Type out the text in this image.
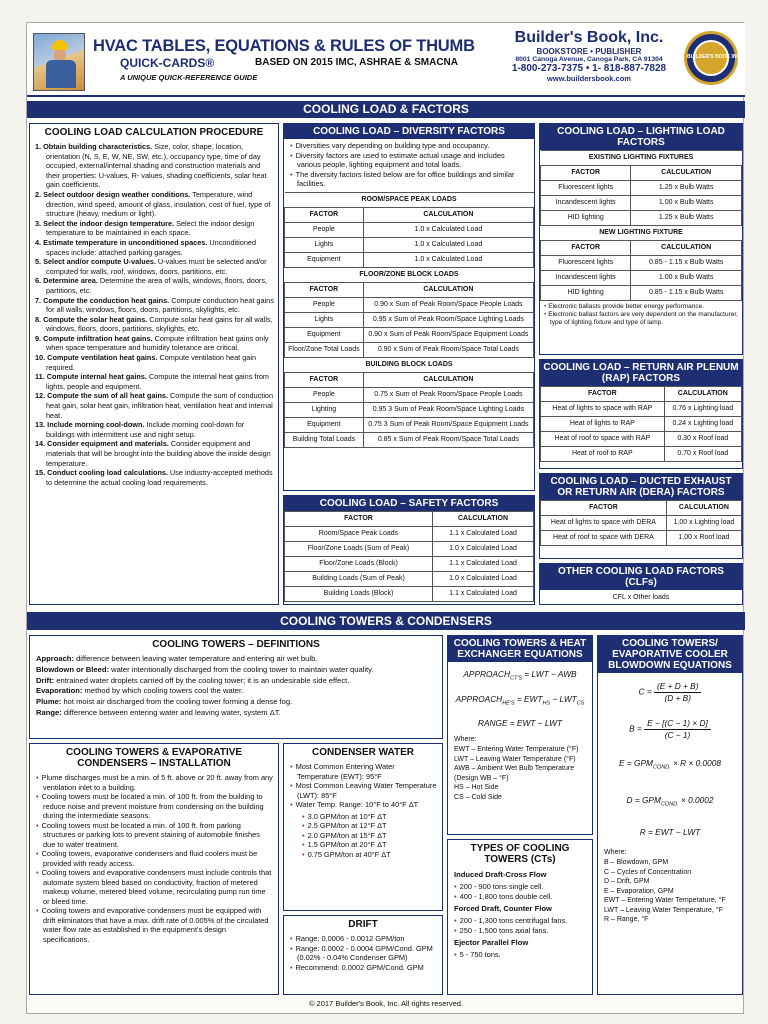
HVAC TABLES, EQUATIONS & RULES OF THUMB
QUICK-CARDS®	BASED ON 2015 IMC, ASHRAE & SMACNA
A UNIQUE QUICK-REFERENCE GUIDE
Builder's Book, Inc.
BOOKSTORE • PUBLISHER
8001 Canoga Avenue, Canoga Park, CA 91304
1-800-273-7375 • 1- 818-887-7828
www.buildersbook.com
BUILDER'S BOOK INC.
COOLING LOAD & FACTORS
COOLING LOAD CALCULATION PROCEDURE
1. Obtain building characteristics. Size, color, shape, location, orientation (N, S, E, W, NE, SW, etc.), occupancy type, time of day occupied, external/internal shading and construction materials and their properties: U-values, R- values, shading coefficients, solar heat gain coefficients.
2. Select outdoor design weather conditions. Temperature, wind direction, wind speed, amount of glass, insulation, cost of fuel, type of structure (heavy, medium or light).
3. Select the indoor design temperature. Select the indoor design temperature to be maintained in each space.
4. Estimate temperature in unconditioned spaces. Unconditioned spaces include: attached parking garages.
5. Select and/or compute U-values. U-values must be selected and/or computed for walls, roof, windows, doors, partitions, etc.
6. Determine area. Determine the area of walls, windows, floors, doors, partitions, etc.
7. Compute the conduction heat gains. Compute conduction heat gains for all walls, windows, floors, doors, partitions, skylights, etc.
8. Compute the solar heat gains. Compute solar heat gains for all walls, windows, floors, doors, partitions, skylights, etc.
9. Compute infiltration heat gains. Compute infiltration heat gains only when space temperature and humidity tolerance are critical.
10. Compute ventilation heat gains. Compute ventilation heat gain required.
11. Compute internal heat gains. Compute the internal heat gains from lights, people and equipment.
12. Compute the sum of all heat gains. Compute the sum of conduction heat gain, solar heat gain, infiltration heat, ventilation heat and internal heat.
13. Include morning cool-down. Include morning cool-down for buildings with intermittent use and night setup.
14. Consider equipment and materials. Consider equipment and materials that will be brought into the building above the inside design temperature.
15. Conduct cooling load calculations. Use industry-accepted methods to determine the actual cooling load requirements.
COOLING LOAD – DIVERSITY FACTORS
• Diversities vary depending on building type and occupancy.
• Diversity factors are used to estimate actual usage and includes various people, lighting equipment and total loads.
• The diversity factors listed below are for office buildings and similar facilities.
ROOM/SPACE PEAK LOADS	
FACTOR	CALCULATION
People	1.0 x Calculated Load
Lights	1.0 x Calculated Load
Equipment	1.0 x Calculated Load
FLOOR/ZONE BLOCK LOADS	
FACTOR	CALCULATION
People	0.90 x Sum of Peak Room/Space People Loads
Lights	0.95 x Sum of Peak Room/Space Lighting Loads
Equipment	0.90 x Sum of Peak Room/Space Equipment Loads
Floor/Zone Total Loads	0.90 x Sum of Peak Room/Space Total Loads
BUILDING BLOCK LOADS	
FACTOR	CALCULATION
People	0.75 x Sum of Peak Room/Space People Loads
Lighting	0.95 3 Sum of Peak Room/Space Lighting Loads
Equipment	0.75 3 Sum of Peak Room/Space Equipment Loads
Building Total Loads	0.85 x Sum of Peak Room/Space Total Loads
COOLING LOAD – SAFETY FACTORS
FACTOR	CALCULATION
Room/Space Peak Loads	1.1 x Calculated Load
Floor/Zone Loads (Sum of Peak)	1.0 x Calculated Load
Floor/Zone Loads (Block)	1.1 x Calculated Load
Building Loads (Sum of Peak)	1.0 x Calculated Load
Building Loads (Block)	1.1 x Calculated Load
COOLING LOAD – LIGHTING LOAD FACTORS
EXISTING LIGHTING FIXTURES	
FACTOR	CALCULATION
Fluorescent lights	1.25 x Bulb Watts
Incandescent lights	1.00 x Bulb Watts
HID lighting	1.25 x Bulb Watts
NEW LIGHTING FIXTURE	
FACTOR	CALCULATION
Fluorescent lights	0.85 - 1.15 x Bulb Watts
Incandescent lights	1.00 x Bulb Watts
HID lighting	0.85 - 1.15 x Bulb Watts
• Electronic ballasts provide better energy performance.
• Electronic ballast factors are very dependent on the manufacturer, type of lighting fixture and type of lamp.
COOLING LOAD – RETURN AIR PLENUM (RAP) FACTORS
FACTOR	CALCULATION
Heat of lights to space with RAP	0.76 x Lighting load
Heat of lights to RAP	0.24 x Lighting load
Heat of roof to space with RAP	0.30 x Roof load
Heat of roof to RAP	0.70 x Roof load
COOLING LOAD – DUCTED EXHAUST OR RETURN AIR (DERA) FACTORS
FACTOR	CALCULATION
Heat of lights to space with DERA	1.00 x Lighting load
Heat of roof to space with DERA	1.00 x Roof load
OTHER COOLING LOAD FACTORS (CLFs)
CFL x Other loads
COOLING TOWERS & CONDENSERS
COOLING TOWERS – DEFINITIONS

Approach: difference between leaving water temperature and entering air wet bulb.

Blowdown or Bleed: water intentionally discharged from the cooling tower to maintain water quality.

Drift: entrained water droplets carried off by the cooling tower; it is an undesirable side effect.

Evaporation: method by which cooling towers cool the water.

Plume: hot moist air discharged from the cooling tower forming a dense fog.

Range: difference between entering water and leaving water, system ΔT.

COOLING TOWERS & EVAPORATIVE CONDENSERS – INSTALLATION
• Plume discharges must be a min. of 5 ft. above or 20 ft. away from any ventilation inlet to a building.
• Cooling towers must be located a min. of 100 ft. from the building to reduce noise and prevent moisture from condensing on the building during the intermediate seasons.
• Cooling towers must be located a min. of 100 ft. from parking structures or parking lots to prevent staining of automobile finishes due to water treatment.
• Cooling towers, evaporative condensers and fluid coolers must be provided with ready access.
• Cooling towers and evaporative condensers must include controls that automate system bleed based on conductivity, fraction of metered makeup volume, metered bleed volume, recirculating pump run time or bleed time.
• Cooling towers and evaporative condensers must be equipped with drift eliminators that have a max. drift rate of 0.005% of the circulated water flow rate as established in the equipment's design specifications.
CONDENSER WATER
• Most Common Entering Water Temperature (EWT): 95°F
• Most Common Leaving Water Temperature (LWT): 85°F
• Water Temp. Range: 10°F to 40°F ΔT
• 3.0 GPM/ton at 10°F ΔT
• 2.5 GPM/ton at 12°F ΔT
• 2.0 GPM/ton at 15°F ΔT
• 1.5 GPM/ton at 20°F ΔT
• 0.75 GPM/ton at 40°F ΔT
DRIFT
• Range: 0.0006 - 0.0012 GPM/ton
• Range: 0.0002 - 0.0004 GPM/Cond. GPM (0.02% - 0.04% Condenser GPM)
• Recommend: 0.0002 GPM/Cond. GPM
COOLING TOWERS & HEAT EXCHANGER EQUATIONS
$APPROACH_{CT'S}$ = LWT − AWB
$APPROACH_{HE'S} = EWT_{HS} - LWT_{CS}$
RANGE = EWT − LWT

Where:

EWT – Entering Water Temperature (°F)

LWT – Leaving Water Temperature (°F)

AWB – Ambient Wet Bulb Temperature (Design WB – °F)

HS – Hot Side

CS – Cold Side

TYPES OF COOLING TOWERS (CTs)
Induced Draft-Cross Flow
• 200 - 900 tons single cell.
• 400 - 1,800 tons double cell.
Forced Draft, Counter Flow
• 200 - 1,300 tons centrifugal fans.
• 250 - 1,500 tons axial fans.
Ejector Parallel Flow
• 5 - 750 tons.
COOLING TOWERS/ EVAPORATIVE COOLER BLOWDOWN EQUATIONS
$C = \frac{(E + D + B)}{(D + B)}$
$B = \frac{E - [(C - 1) \times D]}{(C - 1)}$
$E = GPM_{COND.} \times R \times 0.0008$
$D = GPM_{COND.} \times 0.0002$
R = EWT − LWT

Where:

B – Blowdown, GPM

C – Cycles of Concentration

D – Drift, GPM

E – Evaporation, GPM

EWT – Entering Water Temperature, °F

LWT – Leaving Water Temperature, °F

R – Range, °F

© 2017 Builder's Book, Inc. All rights reserved.
